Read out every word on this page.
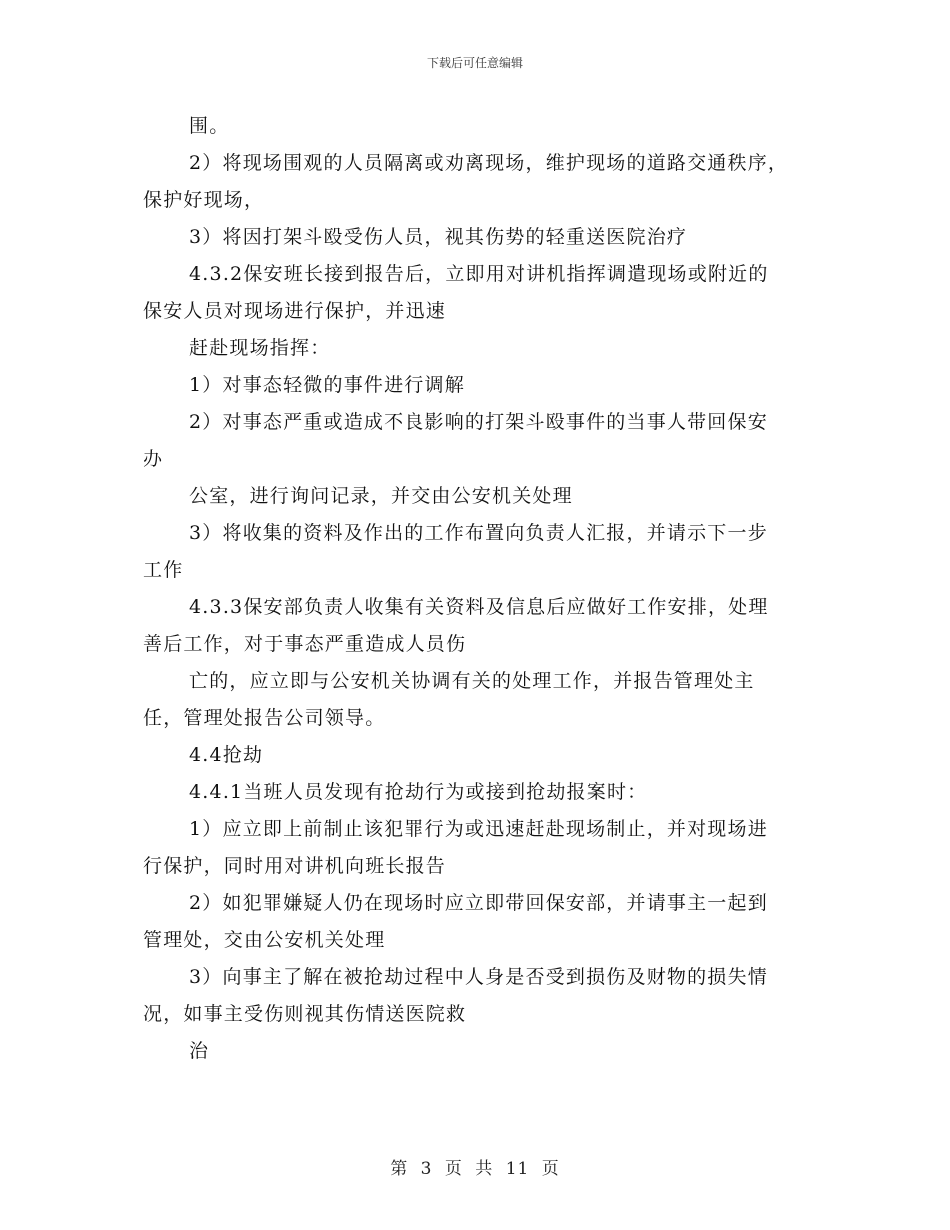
下载后可任意编辑
围。
2）将现场围观的人员隔离或劝离现场，维护现场的道路交通秩序，
保护好现场，
3）将因打架斗殴受伤人员，视其伤势的轻重送医院治疗
4.3.2保安班长接到报告后，立即用对讲机指挥调遣现场或附近的
保安人员对现场进行保护，并迅速
赶赴现场指挥：
1）对事态轻微的事件进行调解
2）对事态严重或造成不良影响的打架斗殴事件的当事人带回保安
办
公室，进行询问记录，并交由公安机关处理
3）将收集的资料及作出的工作布置向负责人汇报，并请示下一步
工作
4.3.3保安部负责人收集有关资料及信息后应做好工作安排，处理
善后工作，对于事态严重造成人员伤
亡的，应立即与公安机关协调有关的处理工作，并报告管理处主
任，管理处报告公司领导。
4.4抢劫
4.4.1当班人员发现有抢劫行为或接到抢劫报案时：
1）应立即上前制止该犯罪行为或迅速赶赴现场制止，并对现场进
行保护，同时用对讲机向班长报告
2）如犯罪嫌疑人仍在现场时应立即带回保安部，并请事主一起到
管理处，交由公安机关处理
3）向事主了解在被抢劫过程中人身是否受到损伤及财物的损失情
况，如事主受伤则视其伤情送医院救
治
第 3 页 共 11 页
